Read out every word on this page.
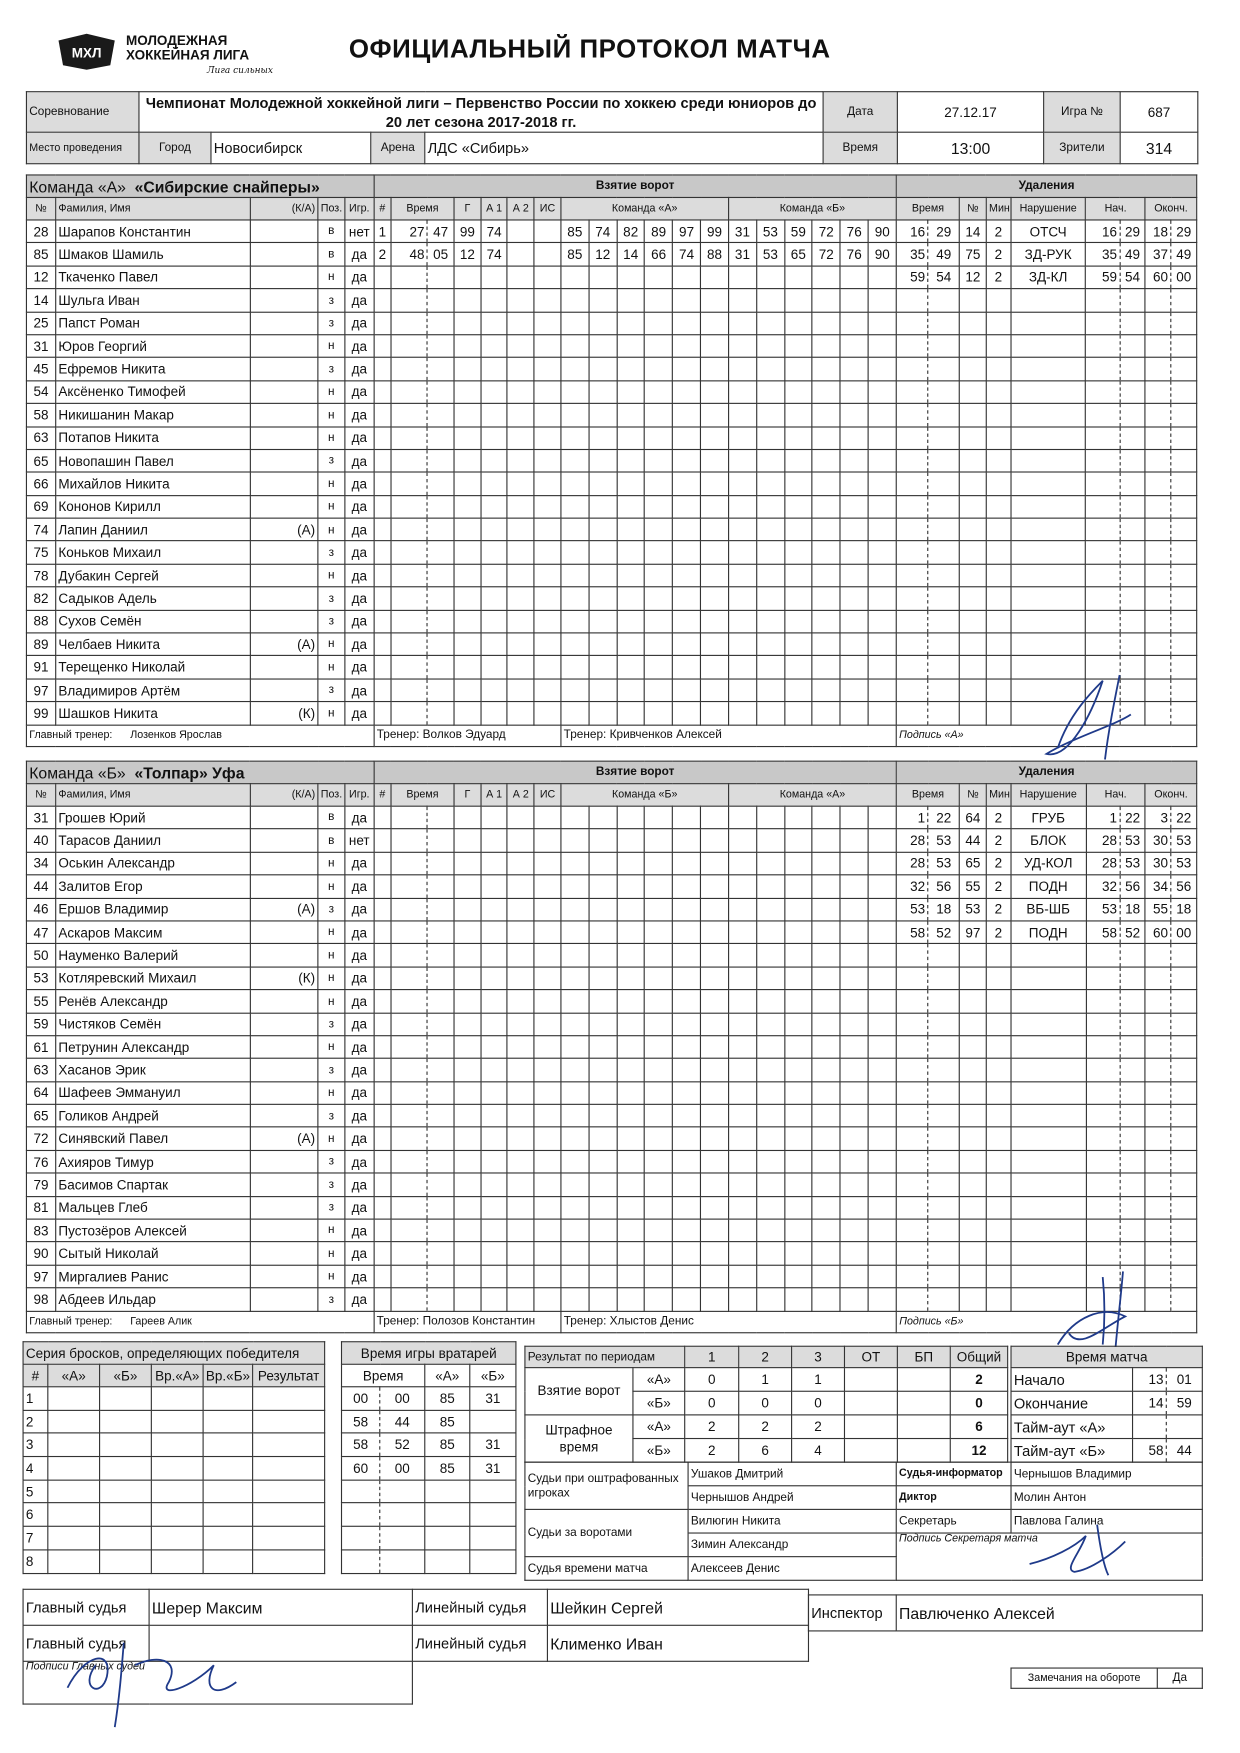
МХЛ
МОЛОДЕЖНАЯ
ХОККЕЙНАЯ ЛИГА
Лига сильных
ОФИЦИАЛЬНЫЙ ПРОТОКОЛ МАТЧА
Соревнование	Чемпионат Молодежной хоккейной лиги – Первенство России по хоккею среди юниоров до 20 лет сезона 2017-2018 гг.				Дата	27.12.17	Игра №	687
Место проведения	Город	Новосибирск	Арена	ЛДС «Сибирь»	Время	13:00	Зрители	314
Команда «А» «Сибирские снайперы»					Взятие ворот																			Удаления								
№	Фамилия, Имя	(К/А)	Поз.	Игр.	#	Время		Г	А 1	А 2	ИС	Команда «А»						Команда «Б»						Время		№	Мин	Нарушение	Нач.		Оконч.	
28	Шарапов Константин		в	нет	1	27	47	99	74			85	74	82	89	97	99	31	53	59	72	76	90	16	29	14	2	ОТСЧ	16	29	18	29
85	Шмаков Шамиль		в	да	2	48	05	12	74			85	12	14	66	74	88	31	53	65	72	76	90	35	49	75	2	ЗД-РУК	35	49	37	49
12	Ткаченко Павел		н	да																				59	54	12	2	ЗД-КЛ	59	54	60	00
14	Шульга Иван		з	да																												
25	Папст Роман		з	да																												
31	Юров Георгий		н	да																												
45	Ефремов Никита		з	да																												
54	Аксёненко Тимофей		н	да																												
58	Никишанин Макар		н	да																												
63	Потапов Никита		н	да																												
65	Новопашин Павел		з	да																												
66	Михайлов Никита		н	да																												
69	Кононов Кирилл		н	да																												
74	Лапин Даниил	(А)	н	да																												
75	Коньков Михаил		з	да																												
78	Дубакин Сергей		н	да																												
82	Садыков Адель		з	да																												
88	Сухов Семён		з	да																												
89	Челбаев Никита	(А)	н	да																												
91	Терещенко Николай		н	да																												
97	Владимиров Артём		з	да																												
99	Шашков Никита	(К)	н	да																												
Главный тренер: Лозенков Ярослав					Тренер: Волков Эдуард							Тренер: Кривченков Алексей												Подпись «А»								
Команда «Б» «Толпар» Уфа					Взятие ворот																			Удаления								
№	Фамилия, Имя	(К/А)	Поз.	Игр.	#	Время		Г	А 1	А 2	ИС	Команда «Б»						Команда «А»						Время		№	Мин	Нарушение	Нач.		Оконч.	
31	Грошев Юрий		в	да																				1	22	64	2	ГРУБ	1	22	3	22
40	Тарасов Даниил		в	нет																				28	53	44	2	БЛОК	28	53	30	53
34	Оськин Александр		н	да																				28	53	65	2	УД-КОЛ	28	53	30	53
44	Залитов Егор		н	да																				32	56	55	2	ПОДН	32	56	34	56
46	Ершов Владимир	(А)	з	да																				53	18	53	2	ВБ-ШБ	53	18	55	18
47	Аскаров Максим		н	да																				58	52	97	2	ПОДН	58	52	60	00
50	Науменко Валерий		н	да																												
53	Котляревский Михаил	(К)	н	да																												
55	Ренёв Александр		н	да																												
59	Чистяков Семён		з	да																												
61	Петрунин Александр		н	да																												
63	Хасанов Эрик		з	да																												
64	Шафеев Эммануил		н	да																												
65	Голиков Андрей		з	да																												
72	Синявский Павел	(А)	н	да																												
76	Ахияров Тимур		з	да																												
79	Басимов Спартак		з	да																												
81	Мальцев Глеб		з	да																												
83	Пустозёров Алексей		н	да																												
90	Сытый Николай		н	да																												
97	Миргалиев Ранис		н	да																												
98	Абдеев Ильдар		з	да																												
Главный тренер: Гареев Алик					Тренер: Полозов Константин							Тренер: Хлыстов Денис												Подпись «Б»								
Серия бросков, определяющих победителя					
#	«А»	«Б»	Вр.«А»	Вр.«Б»	Результат
1					
2					
3					
4					
5					
6					
7					
8					
Время игры вратарей			
Время		«А»	«Б»
00	00	85	31
58	44	85	
58	52	85	31
60	00	85	31

Результат по периодам		1	2	3	ОТ	БП	Общий
Взятие ворот	«А»	0	1	1			2
	«Б»	0	0	0			0
Штрафное время	«А»	2	2	2			6
	«Б»	2	6	4			12
Время матча		
Начало	13	01
Окончание	14	59
Тайм-аут «А»		
Тайм-аут «Б»	58	44
Судьи при оштрафованных игроках	Ушаков Дмитрий	Судья-информатор	Чернышов Владимир
	Чернышов Андрей	Диктор	Молин Антон
Судьи за воротами	Вилюгин Никита	Секретарь	Павлова Галина
	Зимин Александр	Подпись Секретаря матча	
Судья времени матча	Алексеев Денис		
Главный судья	Шерер Максим	Линейный судья	Шейкин Сергей
Главный судья		Линейный судья	Клименко Иван
Подписи Главных судей			
Инспектор	Павлюченко Алексей
Замечания на обороте	Да
